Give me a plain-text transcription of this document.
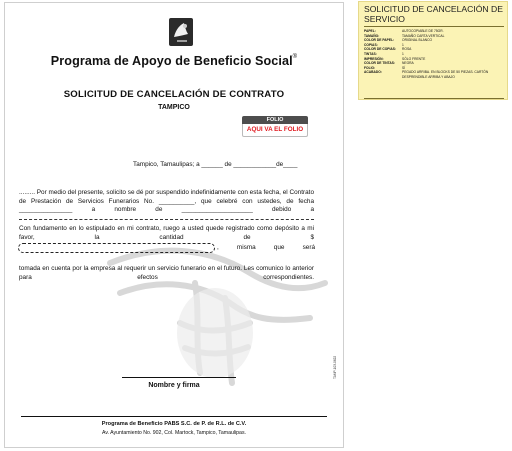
Programa de Apoyo de Beneficio Social®
SOLICITUD DE CANCELACIÓN DE CONTRATO
TAMPICO
FOLIO
AQUI VA EL FOLIO
Tampico, Tamaulipas; a ______ de ____________de____

......... Por medio del presente, solicito se dé por suspendido indefinidamente con esta fecha, el Contrato de Prestación de Servicios Funerarios No. __________, que celebré con ustedes, de fecha _______________ a nombre de ____________________ debido a

Con fundamento en lo estipulado en mi contrato, ruego a usted quede registrado como depósito a mi favor, la cantidad de $

, misma que será

tomada en cuenta por la empresa al requerir un servicio funerario en el futuro. Les comunico lo anterior para efectos correspondientes.

Nombre y firma
TAMP-103-0622
Programa de Beneficio PABS S.C. de P. de R.L. de C.V.
Av. Ayuntamiento No. 902, Col. Martock, Tampico, Tamaulipas.
SOLICITUD DE CANCELACIÓN DE SERVICIO
PAPEL:	AUTOCOPIABLE DE 75GR.
TAMAÑO:	TAMAÑO CARTA VERTICAL
COLOR DE PAPEL:	ORIGINAL BLANCO
COPIAS:	1
COLOR DE COPIAS:	ROSA
TINTAS:	1
IMPRESIÓN:	SÓLO FRENTE
COLOR DE TINTAS:	NEGRA
FOLIO:	SÍ
ACABADO:	PEGADO ARRIBA. EN BLOCKS DE 50 PIEZAS. CARTÓN DESPRENDIBLE ARRIBA Y ABAJO
